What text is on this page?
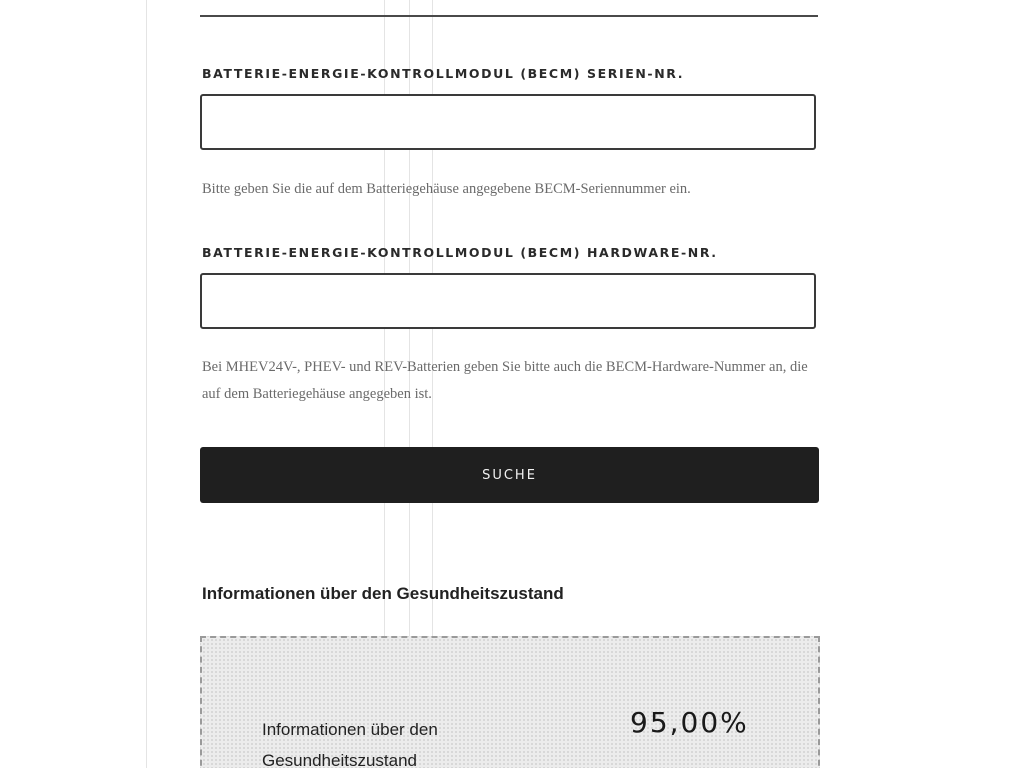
BATTERIE-ENERGIE-KONTROLLMODUL (BECM) SERIEN-NR.
Bitte geben Sie die auf dem Batteriegehäuse angegebene BECM-Seriennummer ein.
BATTERIE-ENERGIE-KONTROLLMODUL (BECM) HARDWARE-NR.
Bei MHEV24V-, PHEV- und REV-Batterien geben Sie bitte auch die BECM-Hardware-Nummer an, die auf dem Batteriegehäuse angegeben ist.
SUCHE
Informationen über den Gesundheitszustand
Informationen über den Gesundheitszustand
95,00%
